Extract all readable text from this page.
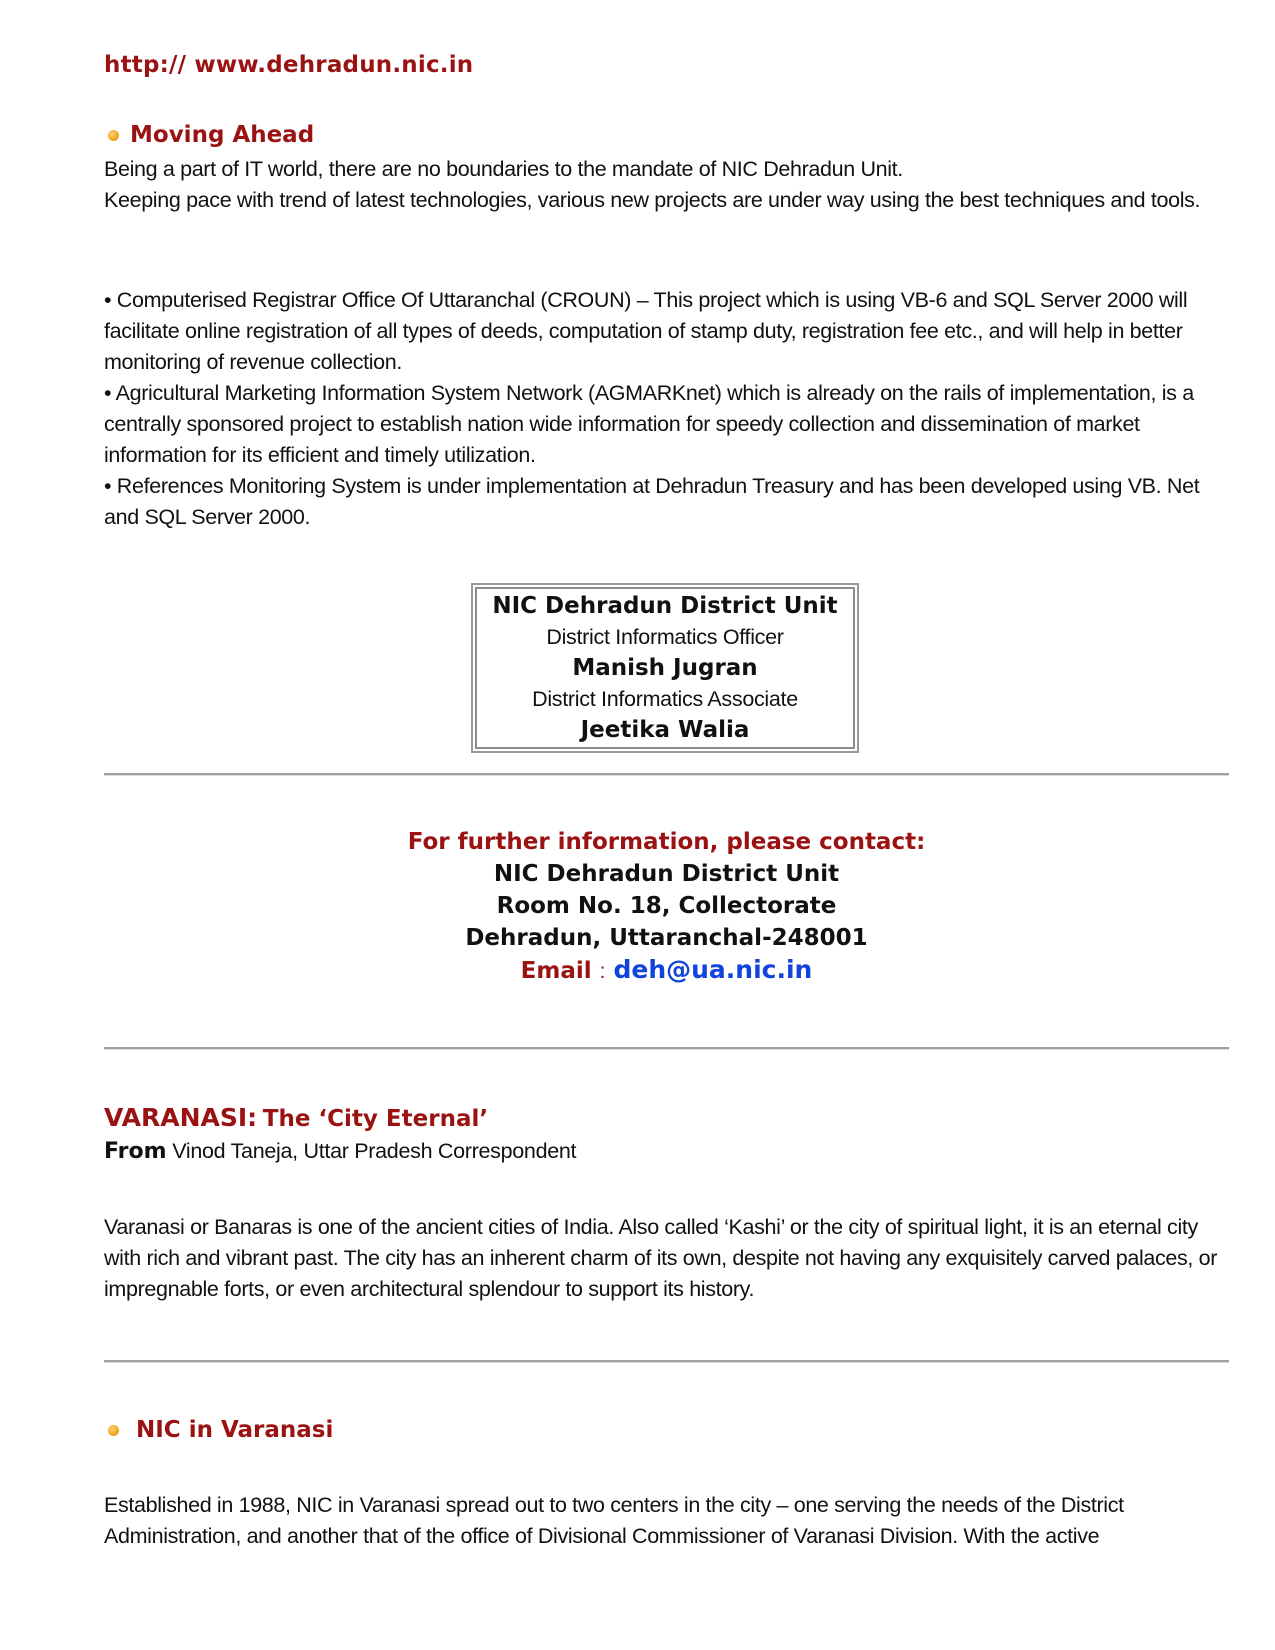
http:// www.dehradun.nic.in
Moving Ahead

Being a part of IT world, there are no boundaries to the mandate of NIC Dehradun Unit.

Keeping pace with trend of latest technologies, various new projects are under way using the best techniques and tools.

• Computerised Registrar Office Of Uttaranchal (CROUN) – This project which is using VB-6 and SQL Server 2000 will facilitate online registration of all types of deeds, computation of stamp duty, registration fee etc., and will help in better monitoring of revenue collection.

• Agricultural Marketing Information System Network (AGMARKnet) which is already on the rails of implementation, is a centrally sponsored project to establish nation wide information for speedy collection and dissemination of market information for its efficient and timely utilization.

• References Monitoring System is under implementation at Dehradun Treasury and has been developed using VB. Net and SQL Server 2000.

NIC Dehradun District Unit
District Informatics Officer
Manish Jugran
District Informatics Associate
Jeetika Walia
For further information, please contact:
NIC Dehradun District Unit
Room No. 18, Collectorate
Dehradun, Uttaranchal-248001
Email : deh@ua.nic.in
VARANASI: The ‘City Eternal’
From Vinod Taneja, Uttar Pradesh Correspondent

Varanasi or Banaras is one of the ancient cities of India. Also called ‘Kashi’ or the city of spiritual light, it is an eternal city with rich and vibrant past. The city has an inherent charm of its own, despite not having any exquisitely carved palaces, or impregnable forts, or even architectural splendour to support its history.

NIC in Varanasi

Established in 1988, NIC in Varanasi spread out to two centers in the city – one serving the needs of the District Administration, and another that of the office of Divisional Commissioner of Varanasi Division. With the active
